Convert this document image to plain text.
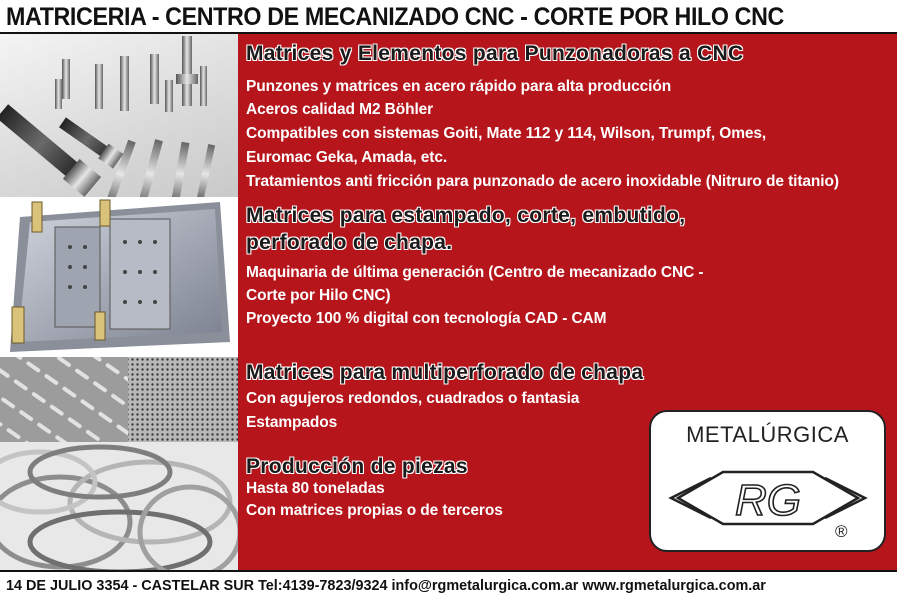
MATRICERIA - CENTRO DE MECANIZADO CNC - CORTE POR HILO CNC
Matrices y Elementos para Punzonadoras a CNC
Punzones y matrices en acero rápido para alta producción
Aceros calidad M2 Böhler
Compatibles con sistemas Goiti, Mate 112 y 114, Wilson, Trumpf, Omes,
Euromac Geka, Amada, etc.
Tratamientos anti fricción para punzonado de acero inoxidable (Nitruro de titanio)
Matrices para estampado, corte, embutido,
perforado de chapa.
Maquinaria de última generación (Centro de mecanizado CNC -
Corte por Hilo CNC)
Proyecto 100 % digital con tecnología CAD - CAM
Matrices para multiperforado de chapa
Con agujeros redondos, cuadrados o fantasia
Estampados
Producción de piezas
Hasta 80 toneladas
Con matrices propias o de terceros
METALÚRGICA
RG
®
14 DE JULIO 3354 - CASTELAR SUR Tel:4139-7823/9324 info@rgmetalurgica.com.ar www.rgmetalurgica.com.ar
